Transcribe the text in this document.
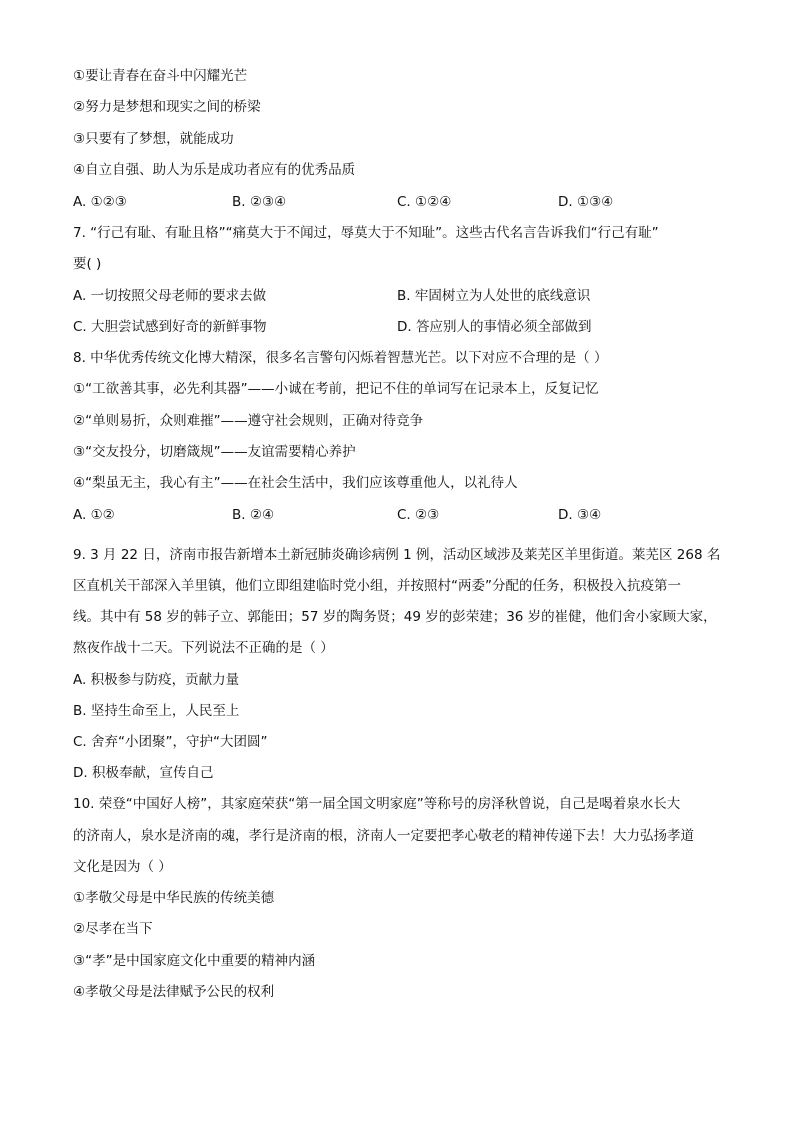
①要让青春在奋斗中闪耀光芒
②努力是梦想和现实之间的桥梁
③只要有了梦想，就能成功
④自立自强、助人为乐是成功者应有的优秀品质
A. ①②③	B. ②③④	C. ①②④	D. ①③④
7. “行己有耻、有耻且格”“痛莫大于不闻过，辱莫大于不知耻”。这些古代名言告诉我们“行己有耻”
要( )
A. 一切按照父母老师的要求去做	B. 牢固树立为人处世的底线意识
C. 大胆尝试感到好奇的新鲜事物	D. 答应别人的事情必须全部做到
8. 中华优秀传统文化博大精深，很多名言警句闪烁着智慧光芒。以下对应不合理的是（ ）
①“工欲善其事，必先利其器”——小诚在考前，把记不住的单词写在记录本上，反复记忆
②“单则易折，众则难摧”——遵守社会规则，正确对待竞争
③“交友投分，切磨箴规”——友谊需要精心养护
④“梨虽无主，我心有主”——在社会生活中，我们应该尊重他人，以礼待人
A. ①②	B. ②④	C. ②③	D. ③④
9. 3 月 22 日，济南市报告新增本土新冠肺炎确诊病例 1 例，活动区域涉及莱芜区羊里街道。莱芜区 268 名
区直机关干部深入羊里镇，他们立即组建临时党小组，并按照村“两委”分配的任务，积极投入抗疫第一
线。其中有 58 岁的韩子立、郭能田；57 岁的陶务贤；49 岁的彭荣建；36 岁的崔健，他们舍小家顾大家，
熬夜作战十二天。下列说法不正确的是（ ）
A. 积极参与防疫，贡献力量
B. 坚持生命至上，人民至上
C. 舍弃“小团聚”，守护“大团圆”
D. 积极奉献，宣传自己
10. 荣登“中国好人榜”，其家庭荣获“第一届全国文明家庭”等称号的房泽秋曾说，自己是喝着泉水长大
的济南人，泉水是济南的魂，孝行是济南的根，济南人一定要把孝心敬老的精神传递下去！大力弘扬孝道
文化是因为（ ）
①孝敬父母是中华民族的传统美德
②尽孝在当下
③“孝”是中国家庭文化中重要的精神内涵
④孝敬父母是法律赋予公民的权利
